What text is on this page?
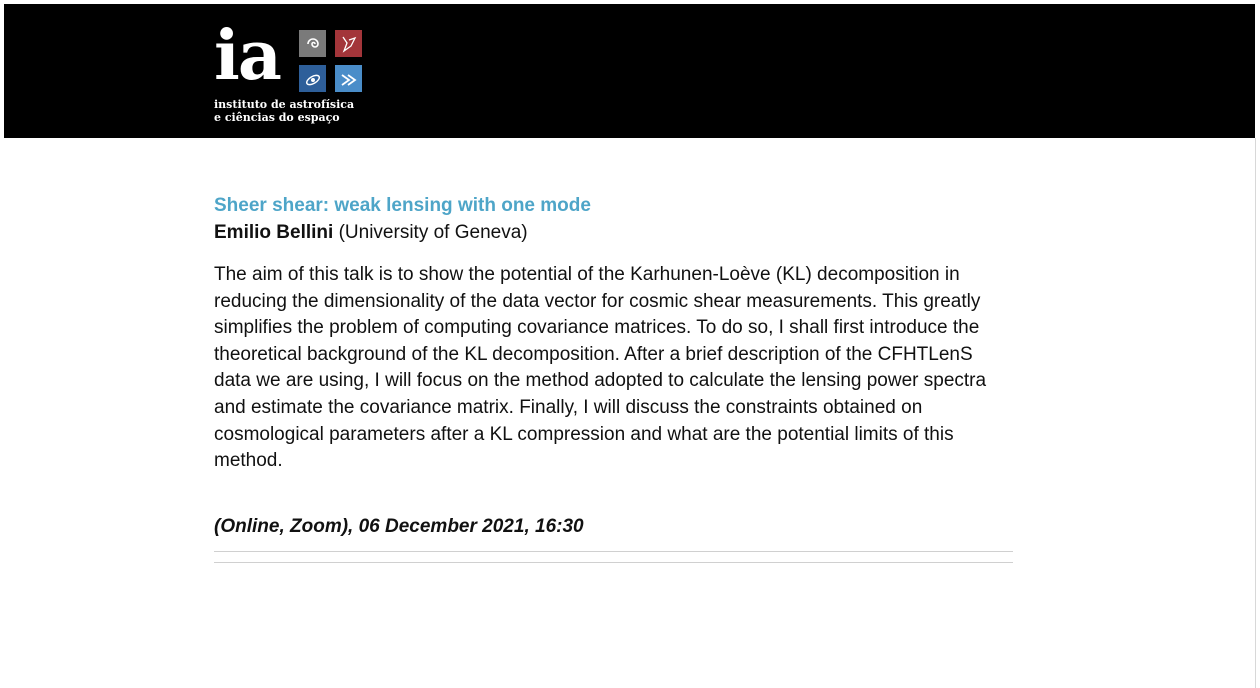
ia
instituto de astrofísica
e ciências do espaço
Sheer shear: weak lensing with one mode

Emilio Bellini (University of Geneva)

The aim of this talk is to show the potential of the Karhunen-Loève (KL) decomposition in reducing the dimensionality of the data vector for cosmic shear measurements. This greatly simplifies the problem of computing covariance matrices. To do so, I shall first introduce the theoretical background of the KL decomposition. After a brief description of the CFHTLenS data we are using, I will focus on the method adopted to calculate the lensing power spectra and estimate the covariance matrix. Finally, I will discuss the constraints obtained on cosmological parameters after a KL compression and what are the potential limits of this method.

(Online, Zoom), 06 December 2021, 16:30
